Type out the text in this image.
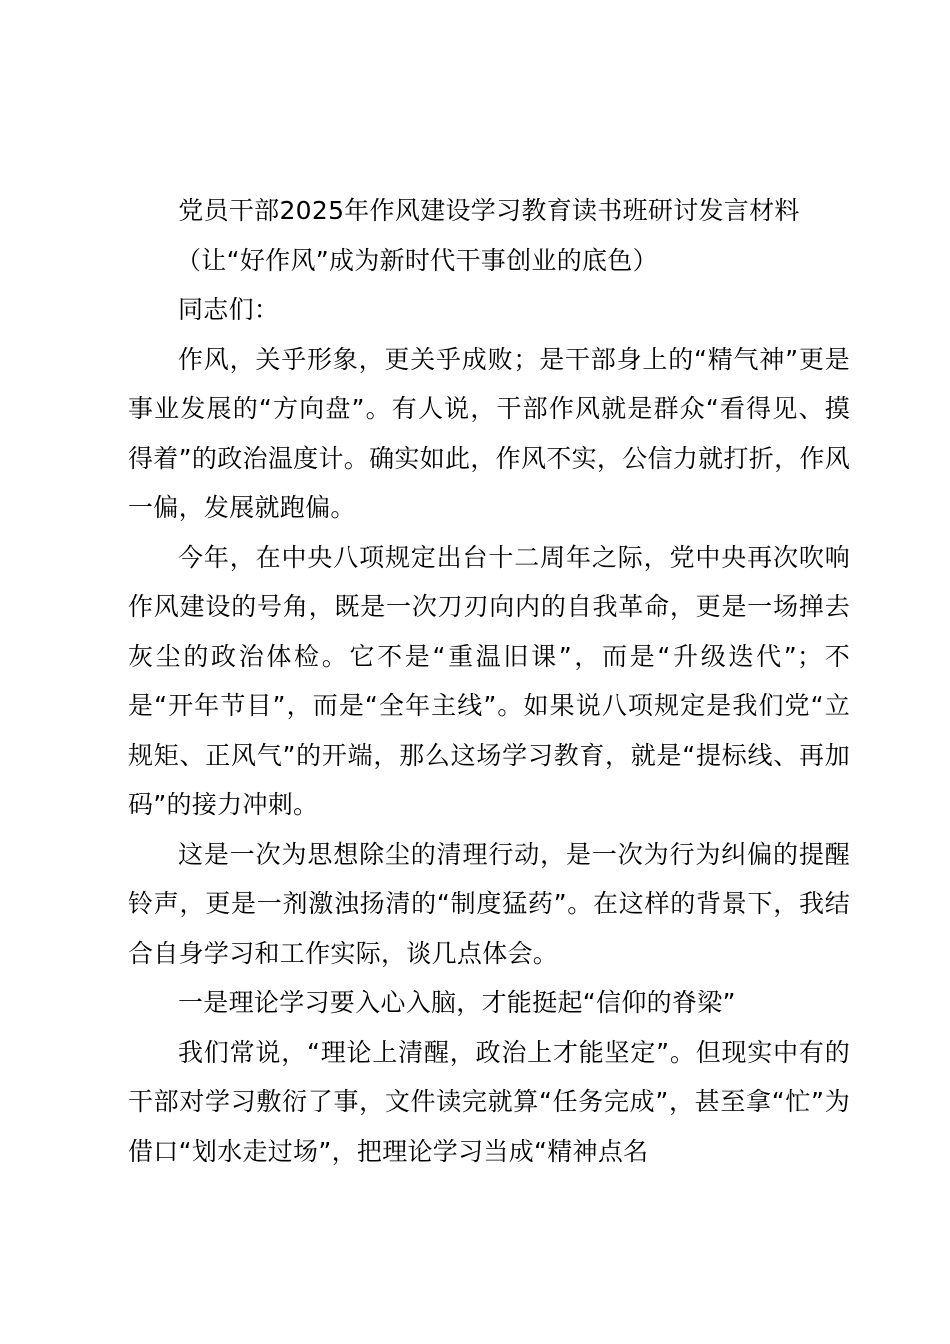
党员干部2025年作风建设学习教育读书班研讨发言材料

（让“好作风”成为新时代干事创业的底色）

同志们：

作风，关乎形象，更关乎成败；是干部身上的“精气神”更是事业发展的“方向盘”。有人说，干部作风就是群众“看得见、摸得着”的政治温度计。确实如此，作风不实，公信力就打折，作风一偏，发展就跑偏。

今年，在中央八项规定出台十二周年之际，党中央再次吹响作风建设的号角，既是一次刀刃向内的自我革命，更是一场掸去灰尘的政治体检。它不是“重温旧课”，而是“升级迭代”；不是“开年节目”，而是“全年主线”。如果说八项规定是我们党“立规矩、正风气”的开端，那么这场学习教育，就是“提标线、再加码”的接力冲刺。

这是一次为思想除尘的清理行动，是一次为行为纠偏的提醒铃声，更是一剂激浊扬清的“制度猛药”。在这样的背景下，我结合自身学习和工作实际，谈几点体会。

一是理论学习要入心入脑，才能挺起“信仰的脊梁”

我们常说，“理论上清醒，政治上才能坚定”。但现实中有的干部对学习敷衍了事，文件读完就算“任务完成”，甚至拿“忙”为借口“划水走过场”，把理论学习当成“精神点名
